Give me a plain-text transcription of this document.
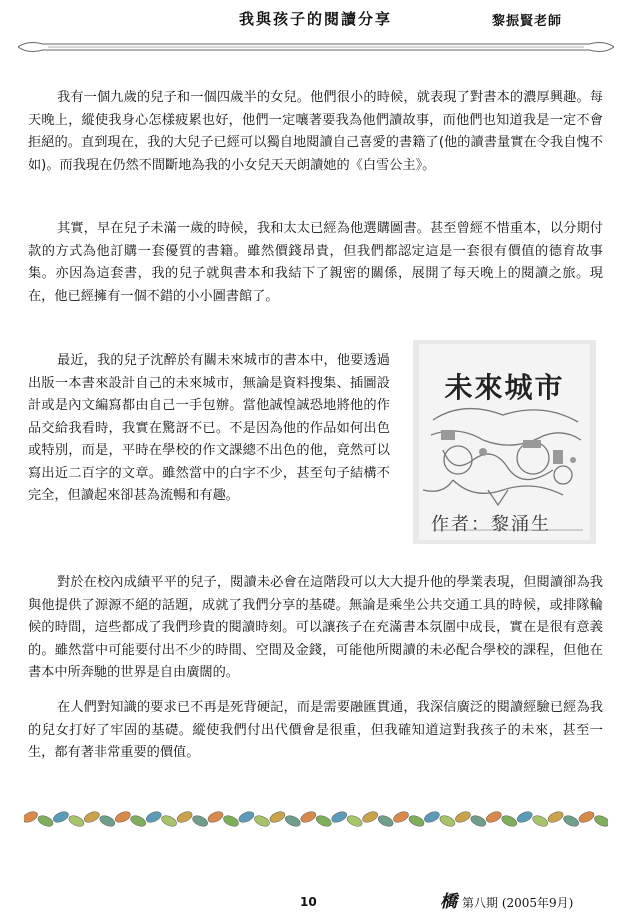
我與孩子的閱讀分享	黎振賢老師

我有一個九歲的兒子和一個四歲半的女兒。他們很小的時候，就表現了對書本的濃厚興趣。每天晚上，縱使我身心怎樣疲累也好，他們一定嚷著要我為他們讀故事，而他們也知道我是一定不會拒絕的。直到現在，我的大兒子已經可以獨自地閱讀自己喜愛的書籍了(他的讀書量實在令我自愧不如)。而我現在仍然不間斷地為我的小女兒天天朗讀她的《白雪公主》。

其實，早在兒子未滿一歲的時候，我和太太已經為他選購圖書。甚至曾經不惜重本，以分期付款的方式為他訂購一套優質的書籍。雖然價錢昂貴，但我們都認定這是一套很有價值的德育故事集。亦因為這套書，我的兒子就與書本和我結下了親密的關係，展開了每天晚上的閱讀之旅。現在，他已經擁有一個不錯的小小圖書館了。

最近，我的兒子沈醉於有關未來城市的書本中，他要透過出版一本書來設計自己的未來城市，無論是資料搜集、插圖設計或是內文編寫都由自己一手包辦。當他誠惶誠恐地將他的作品交給我看時，我實在驚訝不已。不是因為他的作品如何出色或特別，而是，平時在學校的作文課總不出色的他，竟然可以寫出近二百字的文章。雖然當中的白字不少，甚至句子結構不完全，但讀起來卻甚為流暢和有趣。

未來城市
作者：黎涌生

對於在校內成績平平的兒子，閱讀未必會在這階段可以大大提升他的學業表現，但閱讀卻為我與他提供了源源不絕的話題，成就了我們分享的基礎。無論是乘坐公共交通工具的時候，或排隊輪候的時間，這些都成了我們珍貴的閱讀時刻。可以讓孩子在充滿書本氛圍中成長，實在是很有意義的。雖然當中可能要付出不少的時間、空間及金錢，可能他所閱讀的未必配合學校的課程，但他在書本中所奔馳的世界是自由廣闊的。

在人們對知識的要求已不再是死背硬記，而是需要融匯貫通，我深信廣泛的閱讀經驗已經為我的兒女打好了牢固的基礎。縱使我們付出代價會是很重，但我確知道這對我孩子的未來，甚至一生，都有著非常重要的價值。

10	橋 第八期 (2005年9月)
